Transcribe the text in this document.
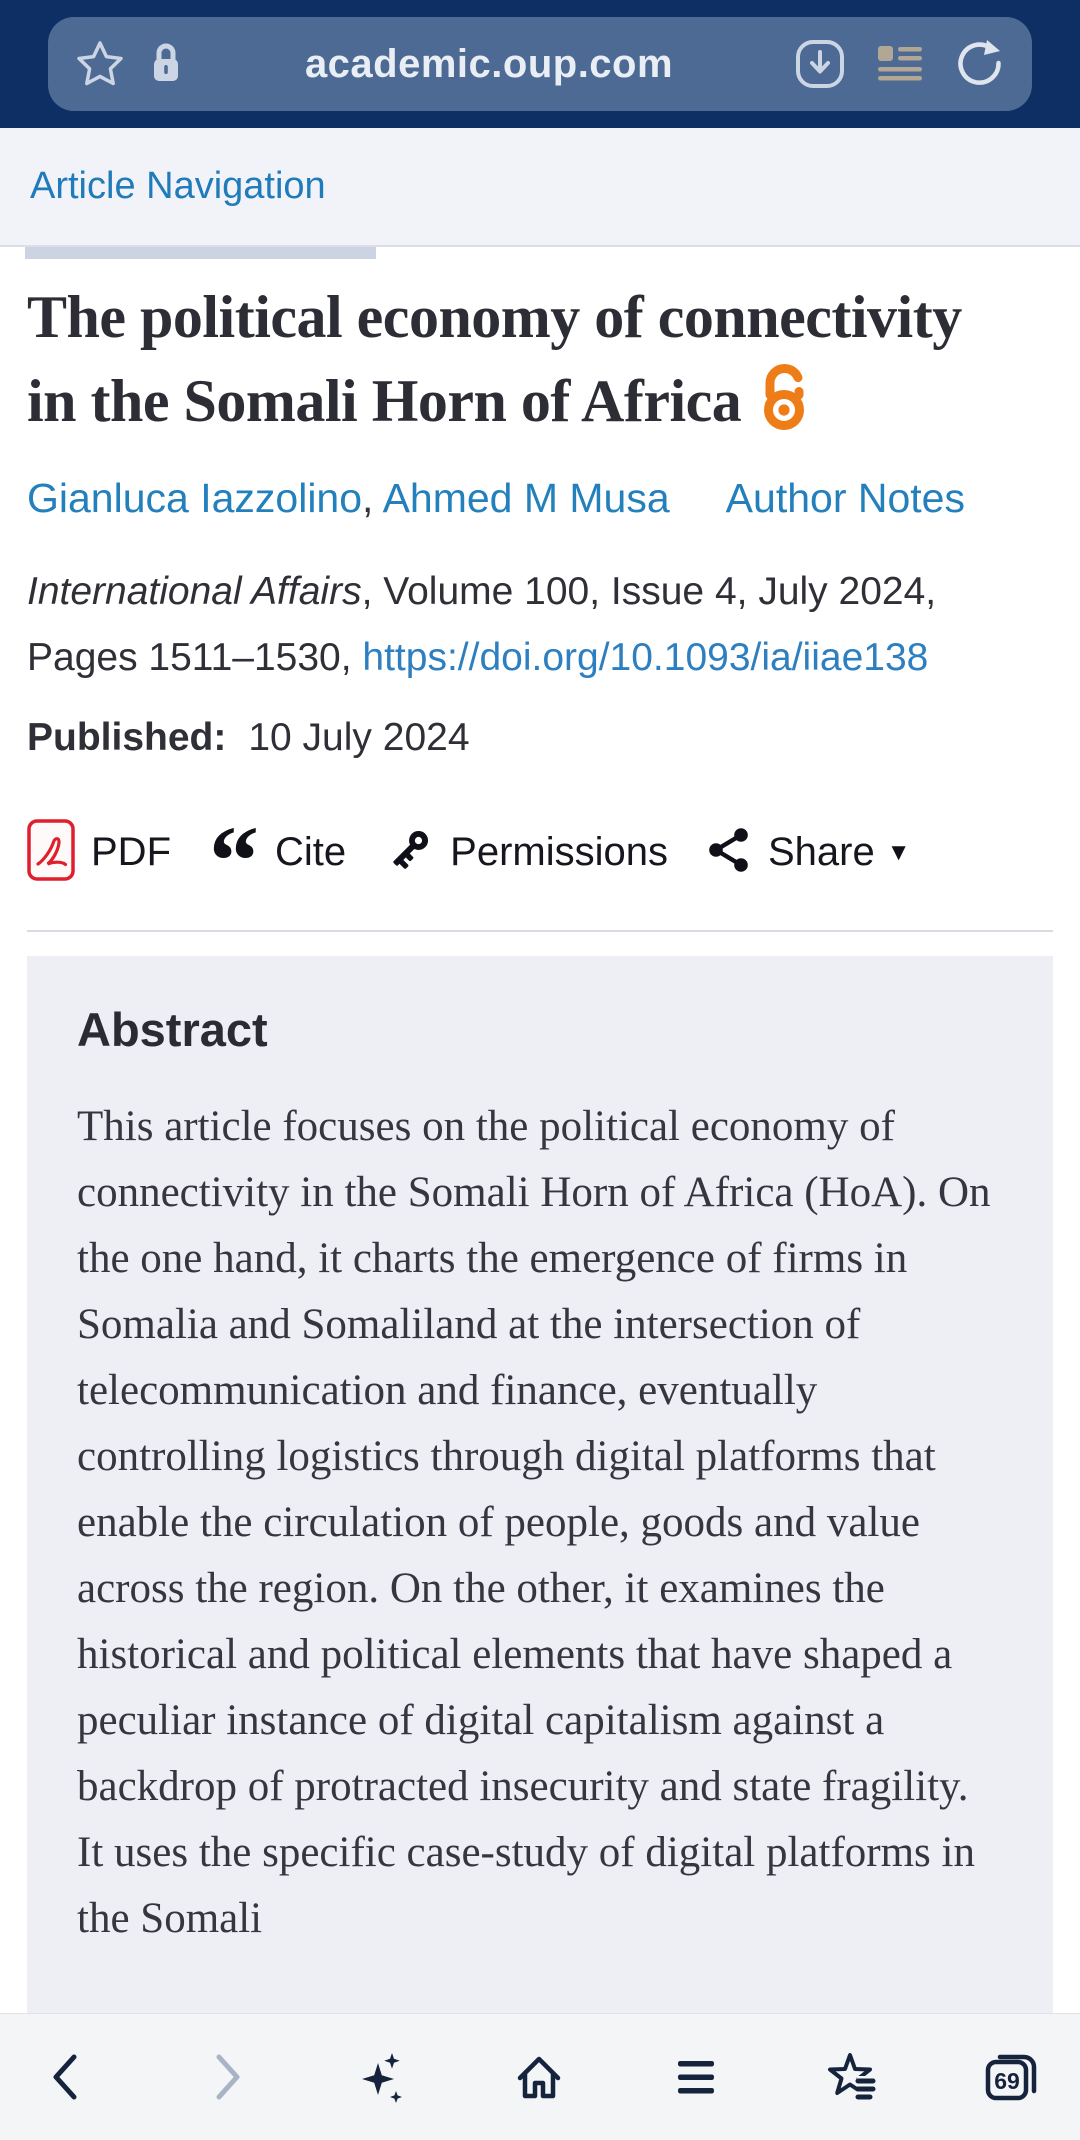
academic.oup.com
Article Navigation
The political economy of connectivity in the Somali Horn of Africa
Gianluca Iazzolino, Ahmed M Musa Author Notes

International Affairs, Volume 100, Issue 4, July 2024, Pages 1511–1530, https://doi.org/10.1093/ia/iiae138

Published: 10 July 2024

PDF “ Cite	Permissions	Share ▼
Abstract

This article focuses on the political economy of connectivity in the Somali Horn of Africa (HoA). On the one hand, it charts the emergence of firms in Somalia and Somaliland at the intersection of telecommunication and finance, eventually controlling logistics through digital platforms that enable the circulation of people, goods and value across the region. On the other, it examines the historical and political elements that have shaped a peculiar instance of digital capitalism against a backdrop of protracted insecurity and state fragility. It uses the specific case-study of digital platforms in the Somali

69
